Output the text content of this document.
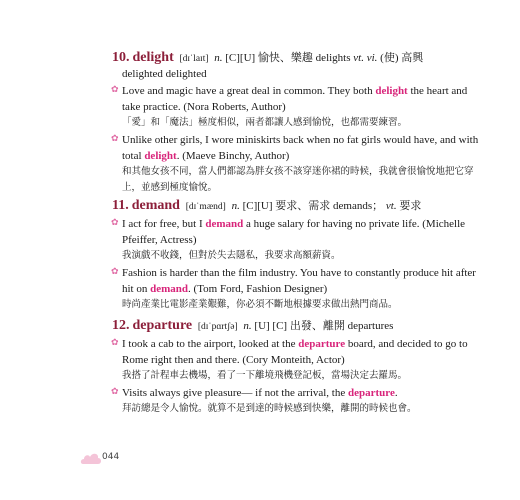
10. delight [dɪˈlaɪt] n. [C][U] 愉快、樂趣 delights vt. vi. (使) 高興
delighted delighted
✿ Love and magic have a great deal in common. They both delight the heart and take practice. (Nora Roberts, Author)
「愛」和「魔法」極度相似，兩者都讓人感到愉悅，也都需要練習。
✿ Unlike other girls, I wore miniskirts back when no fat girls would have, and with total delight. (Maeve Binchy, Author)
和其他女孩不同，當人們都認為胖女孩不該穿迷你裙的時候，我就會很愉悅地把它穿上，並感到極度愉悅。
11. demand [dɪˈmænd] n. [C][U] 要求、需求 demands； vt. 要求
✿ I act for free, but I demand a huge salary for having no private life. (Michelle Pfeiffer, Actress)
我演戲不收錢，但對於失去隱私，我要求高額薪資。
✿ Fashion is harder than the film industry. You have to constantly produce hit after hit on demand. (Tom Ford, Fashion Designer)
時尚產業比電影產業艱難，你必須不斷地根據要求做出熱門商品。
12. departure [dɪˈpɑrtʃə] n. [U] [C] 出發、離開 departures
✿ I took a cab to the airport, looked at the departure board, and decided to go to Rome right then and there. (Cory Monteith, Actor)
我搭了計程車去機場，看了一下離境飛機登記板，當場決定去羅馬。
✿ Visits always give pleasure— if not the arrival, the departure.
拜訪總是令人愉悅。就算不是到達的時候感到快樂，離開的時候也會。
044
